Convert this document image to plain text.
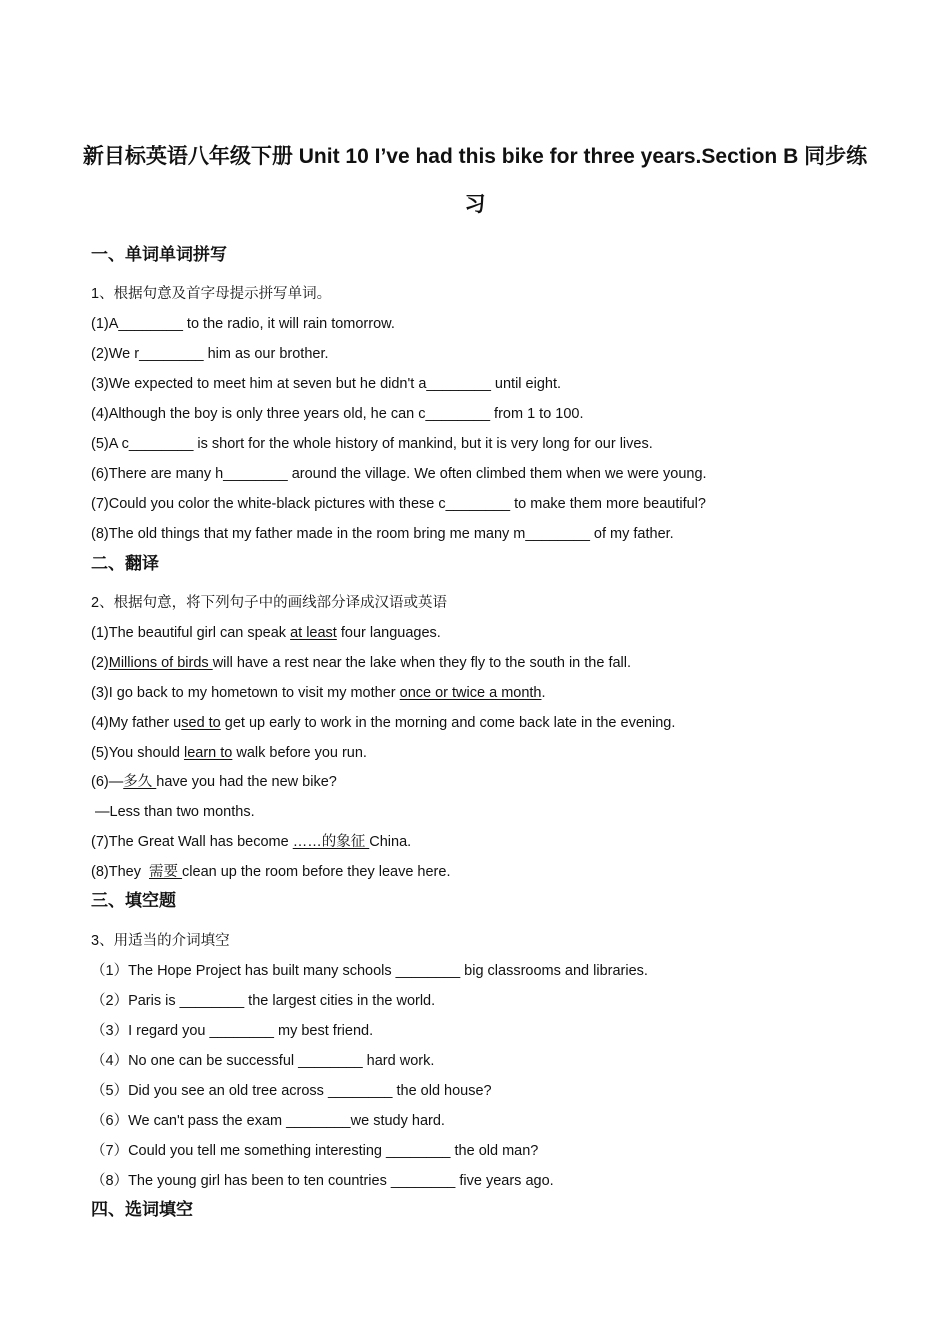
新目标英语八年级下册 Unit 10 I’ve had this bike for three years.Section B 同步练
习
一、单词单词拼写

1、根据句意及首字母提示拼写单词。

(1)A________ to the radio, it will rain tomorrow.

(2)We r________ him as our brother.

(3)We expected to meet him at seven but he didn't a________ until eight.

(4)Although the boy is only three years old, he can c________ from 1 to 100.

(5)A c________ is short for the whole history of mankind, but it is very long for our lives.

(6)There are many h________ around the village. We often climbed them when we were young.

(7)Could you color the white-black pictures with these c________ to make them more beautiful?

(8)The old things that my father made in the room bring me many m________ of my father.

二、翻译

2、根据句意，将下列句子中的画线部分译成汉语或英语

(1)The beautiful girl can speak at least four languages.

(2)Millions of birds will have a rest near the lake when they fly to the south in the fall.

(3)I go back to my hometown to visit my mother once or twice a month.

(4)My father used to get up early to work in the morning and come back late in the evening.

(5)You should learn to walk before you run.

(6)—多久 have you had the new bike?

—Less than two months.

(7)The Great Wall has become ……的象征 China.

(8)They  需要 clean up the room before they leave here.

三、填空题

3、用适当的介词填空

（1）The Hope Project has built many schools ________ big classrooms and libraries.

（2）Paris is ________ the largest cities in the world.

（3）I regard you ________ my best friend.

（4）No one can be successful ________ hard work.

（5）Did you see an old tree across ________ the old house?

（6）We can't pass the exam ________we study hard.

（7）Could you tell me something interesting ________ the old man?

（8）The young girl has been to ten countries ________ five years ago.

四、选词填空
